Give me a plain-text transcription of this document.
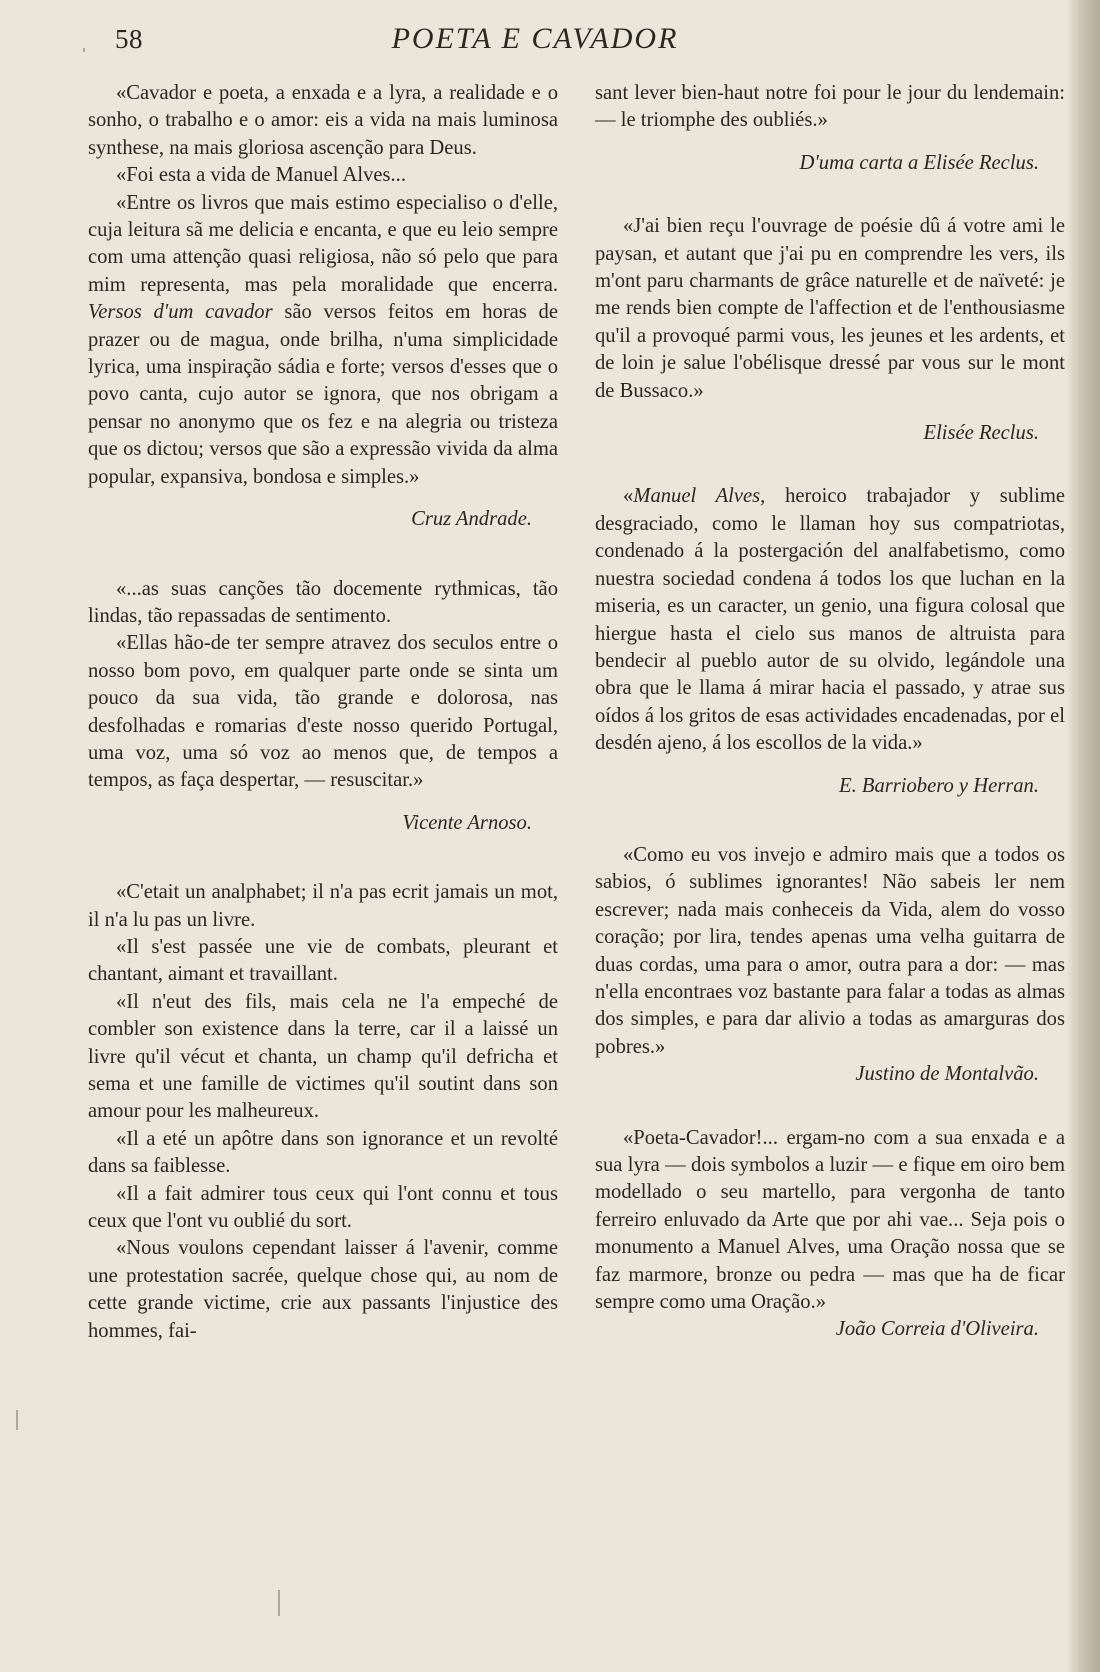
58	POETA E CAVADOR

«Cavador e poeta, a enxada e a lyra, a realidade e o sonho, o trabalho e o amor: eis a vida na mais luminosa synthese, na mais gloriosa ascenção para Deus.

«Foi esta a vida de Manuel Alves...

«Entre os livros que mais estimo especialiso o d'elle, cuja leitura sã me delicia e encanta, e que eu leio sempre com uma attenção quasi religiosa, não só pelo que para mim representa, mas pela moralidade que encerra. Versos d'um cavador são versos feitos em horas de prazer ou de magua, onde brilha, n'uma simplicidade lyrica, uma inspiração sádia e forte; versos d'esses que o povo canta, cujo autor se ignora, que nos obrigam a pensar no anonymo que os fez e na alegria ou tristeza que os dictou; versos que são a expressão vivida da alma popular, expansiva, bondosa e simples.»

Cruz Andrade.

«...as suas canções tão docemente rythmicas, tão lindas, tão repassadas de sentimento.

«Ellas hão-de ter sempre atravez dos seculos entre o nosso bom povo, em qualquer parte onde se sinta um pouco da sua vida, tão grande e dolorosa, nas desfolhadas e romarias d'este nosso querido Portugal, uma voz, uma só voz ao menos que, de tempos a tempos, as faça despertar, — resuscitar.»

Vicente Arnoso.

«C'etait un analphabet; il n'a pas ecrit jamais un mot, il n'a lu pas un livre.

«Il s'est passée une vie de combats, pleurant et chantant, aimant et travaillant.

«Il n'eut des fils, mais cela ne l'a empeché de combler son existence dans la terre, car il a laissé un livre qu'il vécut et chanta, un champ qu'il defricha et sema et une famille de victimes qu'il soutint dans son amour pour les malheureux.

«Il a eté un apôtre dans son ignorance et un revolté dans sa faiblesse.

«Il a fait admirer tous ceux qui l'ont connu et tous ceux que l'ont vu oublié du sort.

«Nous voulons cependant laisser á l'avenir, comme une protestation sacrée, quelque chose qui, au nom de cette grande victime, crie aux passants l'injustice des hommes, fai-

sant lever bien-haut notre foi pour le jour du lendemain: — le triomphe des oubliés.»

D'uma carta a Elisée Reclus.

«J'ai bien reçu l'ouvrage de poésie dû á votre ami le paysan, et autant que j'ai pu en comprendre les vers, ils m'ont paru charmants de grâce naturelle et de naïveté: je me rends bien compte de l'affection et de l'enthousiasme qu'il a provoqué parmi vous, les jeunes et les ardents, et de loin je salue l'obélisque dressé par vous sur le mont de Bussaco.»

Elisée Reclus.

«Manuel Alves, heroico trabajador y sublime desgraciado, como le llaman hoy sus compatriotas, condenado á la postergación del analfabetismo, como nuestra sociedad condena á todos los que luchan en la miseria, es un caracter, un genio, una figura colosal que hiergue hasta el cielo sus manos de altruista para bendecir al pueblo autor de su olvido, legándole una obra que le llama á mirar hacia el passado, y atrae sus oídos á los gritos de esas actividades encadenadas, por el desdén ajeno, á los escollos de la vida.»

E. Barriobero y Herran.

«Como eu vos invejo e admiro mais que a todos os sabios, ó sublimes ignorantes! Não sabeis ler nem escrever; nada mais conheceis da Vida, alem do vosso coração; por lira, tendes apenas uma velha guitarra de duas cordas, uma para o amor, outra para a dor: — mas n'ella encontraes voz bastante para falar a todas as almas dos simples, e para dar alivio a todas as amarguras dos pobres.»

Justino de Montalvão.

«Poeta-Cavador!... ergam-no com a sua enxada e a sua lyra — dois symbolos a luzir — e fique em oiro bem modellado o seu martello, para vergonha de tanto ferreiro enluvado da Arte que por ahi vae... Seja pois o monumento a Manuel Alves, uma Oração nossa que se faz marmore, bronze ou pedra — mas que ha de ficar sempre como uma Oração.»

João Correia d'Oliveira.
